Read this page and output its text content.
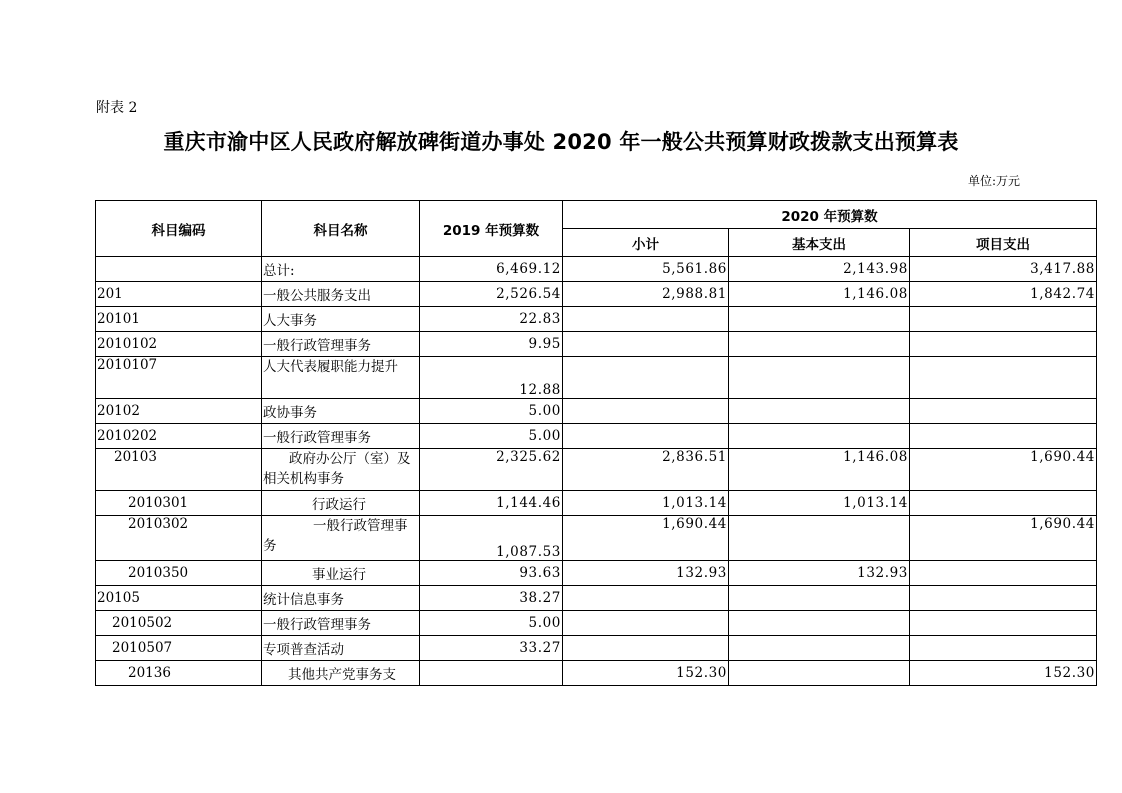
附表 2
重庆市渝中区人民政府解放碑街道办事处 2020 年一般公共预算财政拨款支出预算表
单位:万元
科目编码	科目名称	2019 年预算数	2020 年预算数		
			小计	基本支出	项目支出
	总计:	6,469.12	5,561.86	2,143.98	3,417.88
201	一般公共服务支出	2,526.54	2,988.81	1,146.08	1,842.74
20101	人大事务	22.83			
2010102	一般行政管理事务	9.95			
2010107	人大代表履职能力提升	12.88			
20102	政协事务	5.00			
2010202	一般行政管理事务	5.00			
20103	政府办公厅（室）及相关机构事务	2,325.62	2,836.51	1,146.08	1,690.44
2010301	行政运行	1,144.46	1,013.14	1,013.14	
2010302	一般行政管理事务	1,087.53	1,690.44		1,690.44
2010350	事业运行	93.63	132.93	132.93	
20105	统计信息事务	38.27			
2010502	一般行政管理事务	5.00			
2010507	专项普查活动	33.27			
20136	其他共产党事务支		152.30		152.30
